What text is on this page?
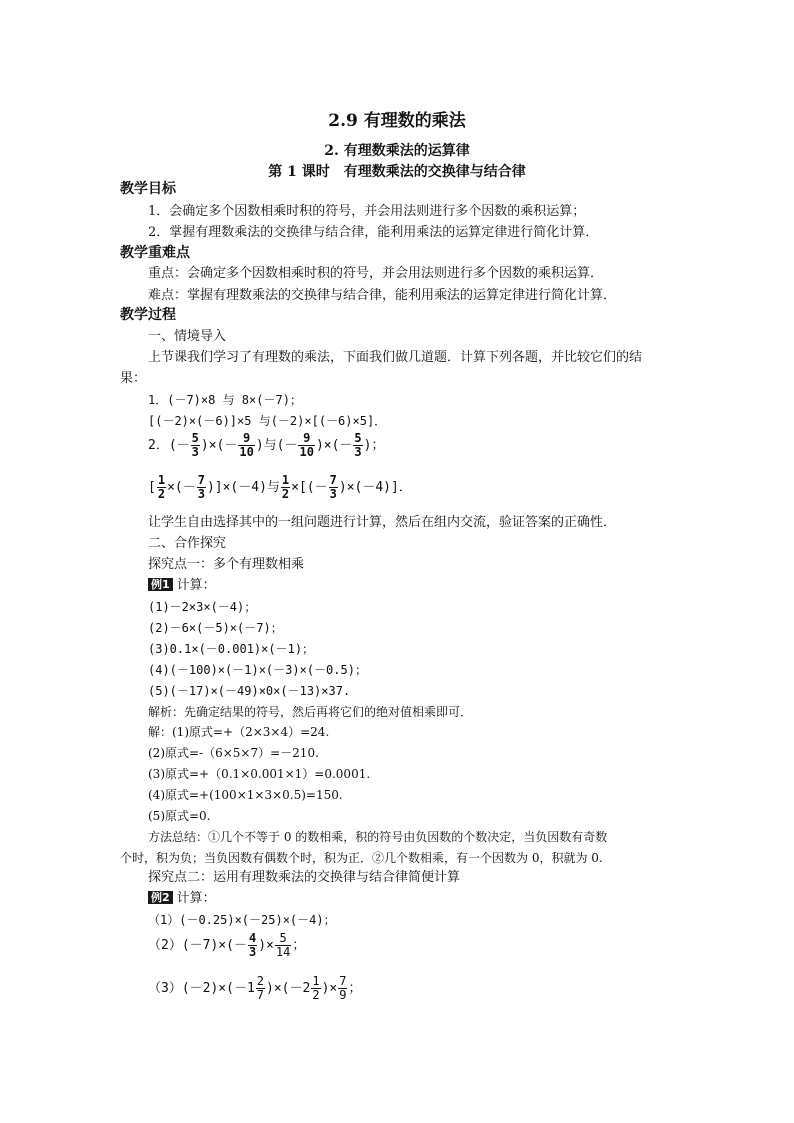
2.9 有理数的乘法
2. 有理数乘法的运算律
第 1 课时　有理数乘法的交换律与结合律
教学目标
1．会确定多个因数相乘时积的符号，并会用法则进行多个因数的乘积运算；
2．掌握有理数乘法的交换律与结合律，能利用乘法的运算定律进行简化计算．
教学重难点
重点：会确定多个因数相乘时积的符号，并会用法则进行多个因数的乘积运算．
难点：掌握有理数乘法的交换律与结合律，能利用乘法的运算定律进行简化计算．
教学过程
一、情境导入
上节课我们学习了有理数的乘法，下面我们做几道题．计算下列各题，并比较它们的结
果：
1．(－7)×8 与 8×(－7)；
[(－2)×(－6)]×5 与(－2)×[(－6)×5]．
2．(－ $\frac{5}{3}$ )×(－ $\frac{9}{10}$ )与(－ $\frac{9}{10}$ )×(－ $\frac{5}{3}$ )；
[ $\frac{1}{2}$ ×(－ $\frac{7}{3} )]\times(-4)$与 $\frac{1}{2}$ ×[(－ $\frac{7}{3} )\times(-4)$]．
让学生自由选择其中的一组问题进行计算，然后在组内交流，验证答案的正确性．
二、合作探究
探究点一：多个有理数相乘
例1 计算：
(1)－2×3×(－4)；
(2)－6×(－5)×(－7)；
(3)0.1×(－0.001)×(－1)；
(4)(－100)×(－1)×(－3)×(－0.5)；
(5)(－17)×(－49)×0×(－13)×37.
解析：先确定结果的符号，然后再将它们的绝对值相乘即可．
解：(1)原式=+（2×3×4）=24.
(2)原式=-（6×5×7）=－210.
(3)原式=+（0.1×0.001×1）=0.0001.
(4)原式=+(100×1×3×0.5)=150.
(5)原式=0.
方法总结：①几个不等于 0 的数相乘，积的符号由负因数的个数决定，当负因数有奇数
个时，积为负；当负因数有偶数个时，积为正．②几个数相乘，有一个因数为 0，积就为 0.
探究点二：运用有理数乘法的交换律与结合律简便计算
例2 计算：
（1）(－0.25)×(－25)×(－4)；
$(2)(-7)\times(- \frac{4}{3}$ )× $\frac{5}{14}$ ；
$(3)(-2)\times(-1 \frac{2}{7} )\times(-2 \frac{1}{2}$ )× $\frac{7}{9}$ ；
